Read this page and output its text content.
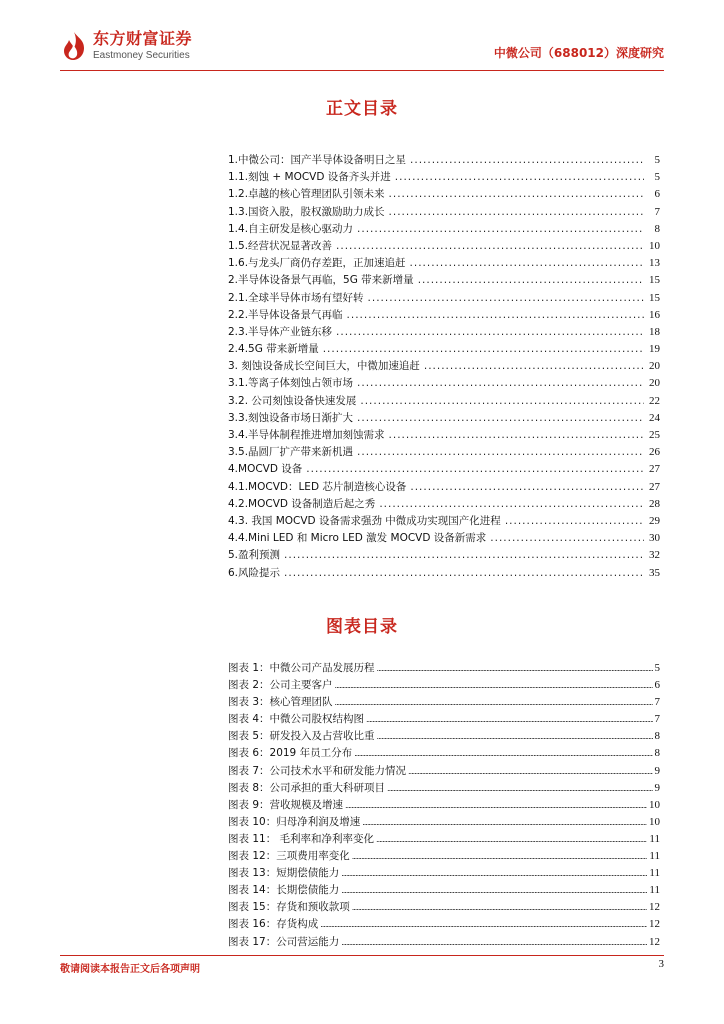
东方财富证券
Eastmoney Securities	中微公司（688012）深度研究
正文目录
1.中微公司：国产半导体设备明日之星 .....	5
1.1.刻蚀 + MOCVD 设备齐头并进 .....	5
1.2.卓越的核心管理团队引领未来 .....	6
1.3.国资入股，股权激励助力成长 .....	7
1.4.自主研发是核心驱动力 .....	8
1.5.经营状况显著改善 .....	10
1.6.与龙头厂商仍存差距，正加速追赶 .....	13
2.半导体设备景气再临，5G 带来新增量 .....	15
2.1.全球半导体市场有望好转 .....	15
2.2.半导体设备景气再临 .....	16
2.3.半导体产业链东移 .....	18
2.4.5G 带来新增量 .....	19
3. 刻蚀设备成长空间巨大，中微加速追赶 .....	20
3.1.等离子体刻蚀占领市场 .....	20
3.2. 公司刻蚀设备快速发展 .....	22
3.3.刻蚀设备市场日渐扩大 .....	24
3.4.半导体制程推进增加刻蚀需求 .....	25
3.5.晶圆厂扩产带来新机遇 .....	26
4.MOCVD 设备 .....	27
4.1.MOCVD：LED 芯片制造核心设备 .....	27
4.2.MOCVD 设备制造后起之秀 .....	28
4.3. 我国 MOCVD 设备需求强劲 中微成功实现国产化进程 .....	29
4.4.Mini LED 和 Micro LED 激发 MOCVD 设备新需求 .....	30
5.盈利预测 .....	32
6.风险提示 .....	35
图表目录
图表 1：中微公司产品发展历程 .....	5
图表 2：公司主要客户 .....	6
图表 3：核心管理团队 .....	7
图表 4：中微公司股权结构图 .....	7
图表 5：研发投入及占营收比重 .....	8
图表 6：2019 年员工分布 .....	8
图表 7：公司技术水平和研发能力情况 .....	9
图表 8：公司承担的重大科研项目 .....	9
图表 9：营收规模及增速 .....	10
图表 10：归母净利润及增速 .....	10
图表 11： 毛利率和净利率变化 .....	11
图表 12：三项费用率变化 .....	11
图表 13：短期偿债能力 .....	11
图表 14：长期偿债能力 .....	11
图表 15：存货和预收款项 .....	12
图表 16：存货构成 .....	12
图表 17：公司营运能力 .....	12
敬请阅读本报告正文后各项声明	3
